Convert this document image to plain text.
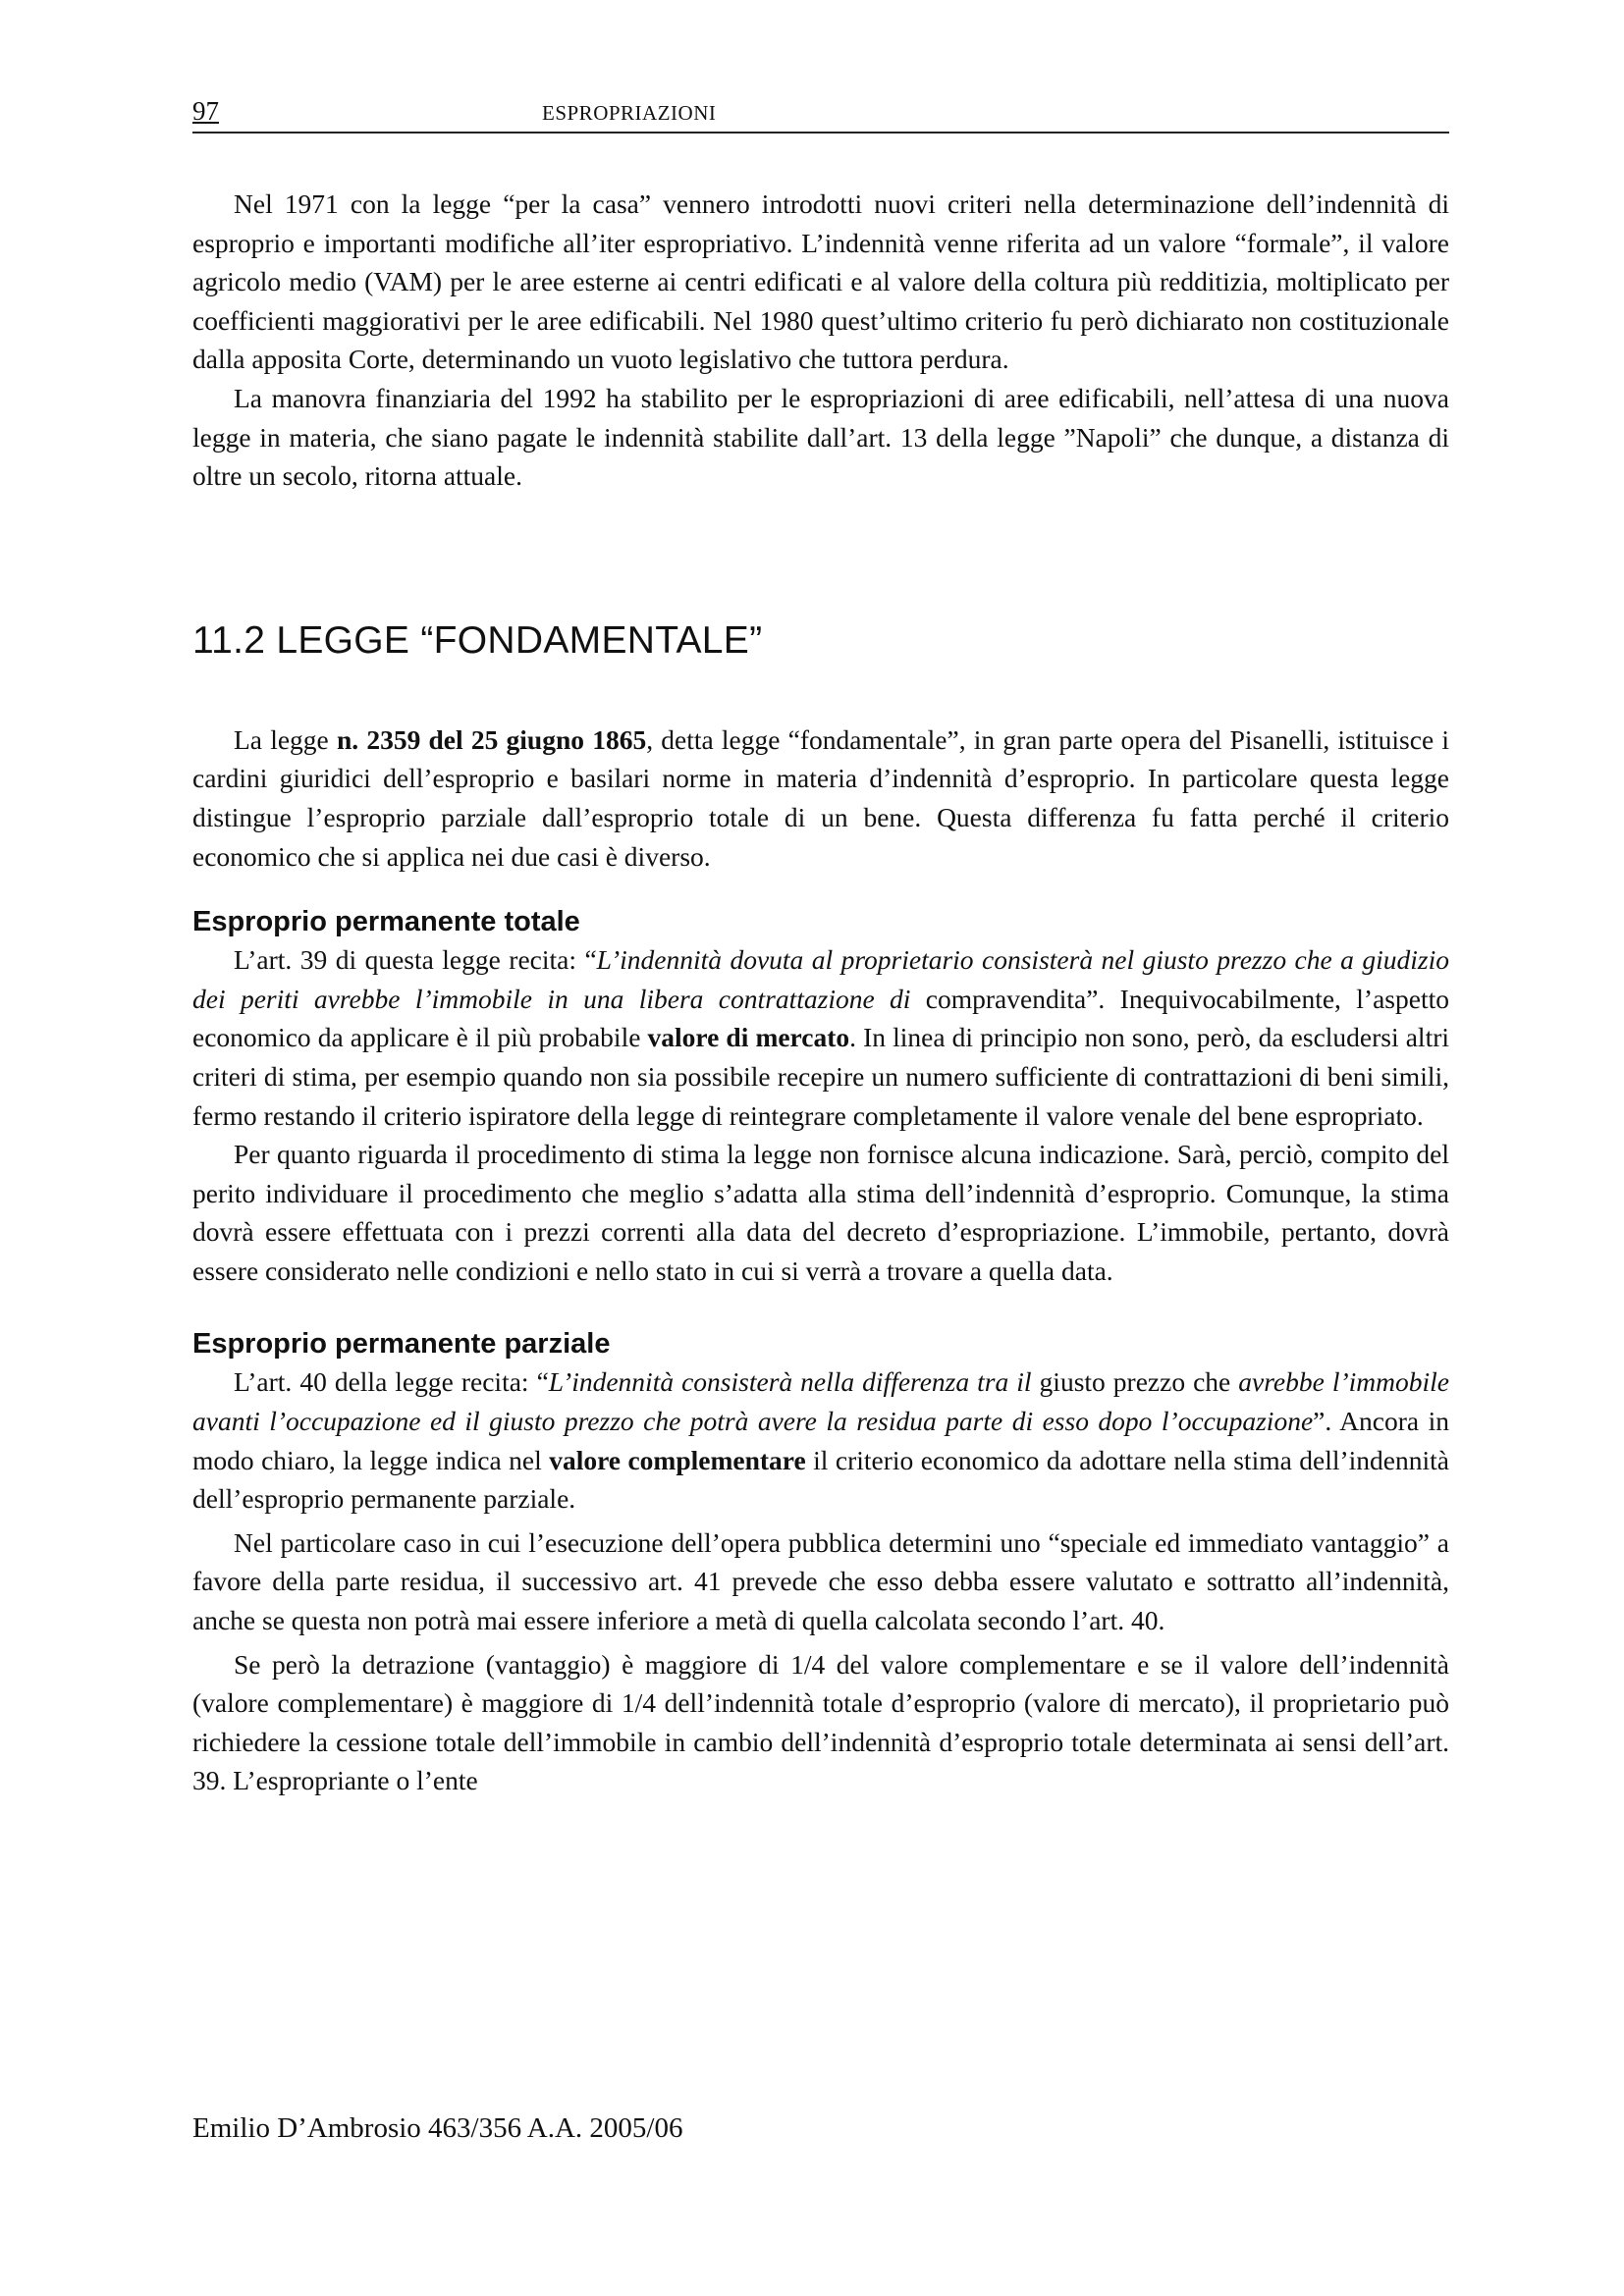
97	ESPROPRIAZIONI

Nel 1971 con la legge “per la casa” vennero introdotti nuovi criteri nella determinazione dell’indennità di esproprio e importanti modifiche all’iter espropriativo. L’indennità venne riferita ad un valore “formale”, il valore agricolo medio (VAM) per le aree esterne ai centri edificati e al valore della coltura più redditizia, moltiplicato per coefficienti maggiorativi per le aree edificabili. Nel 1980 quest’ultimo criterio fu però dichiarato non costituzionale dalla apposita Corte, determinando un vuoto legislativo che tuttora perdura.

La manovra finanziaria del 1992 ha stabilito per le espropriazioni di aree edificabili, nell’attesa di una nuova legge in materia, che siano pagate le indennità stabilite dall’art. 13 della legge ”Napoli” che dunque, a distanza di oltre un secolo, ritorna attuale.

11.2 LEGGE “FONDAMENTALE”

La legge n. 2359 del 25 giugno 1865, detta legge “fondamentale”, in gran parte opera del Pisanelli, istituisce i cardini giuridici dell’esproprio e basilari norme in materia d’indennità d’esproprio. In particolare questa legge distingue l’esproprio parziale dall’esproprio totale di un bene. Questa differenza fu fatta perché il criterio economico che si applica nei due casi è diverso.

Esproprio permanente totale

L’art. 39 di questa legge recita: “L’indennità dovuta al proprietario consisterà nel giusto prezzo che a giudizio dei periti avrebbe l’immobile in una libera contrattazione di compravendita”. Inequivocabilmente, l’aspetto economico da applicare è il più probabile valore di mercato. In linea di principio non sono, però, da escludersi altri criteri di stima, per esempio quando non sia possibile recepire un numero sufficiente di contrattazioni di beni simili, fermo restando il criterio ispiratore della legge di reintegrare completamente il valore venale del bene espropriato.

Per quanto riguarda il procedimento di stima la legge non fornisce alcuna indicazione. Sarà, perciò, compito del perito individuare il procedimento che meglio s’adatta alla stima dell’indennità d’esproprio. Comunque, la stima dovrà essere effettuata con i prezzi correnti alla data del decreto d’espropriazione. L’immobile, pertanto, dovrà essere considerato nelle condizioni e nello stato in cui si verrà a trovare a quella data.

Esproprio permanente parziale

L’art. 40 della legge recita: “L’indennità consisterà nella differenza tra il giusto prezzo che avrebbe l’immobile avanti l’occupazione ed il giusto prezzo che potrà avere la residua parte di esso dopo l’occupazione”. Ancora in modo chiaro, la legge indica nel valore complementare il criterio economico da adottare nella stima dell’indennità dell’esproprio permanente parziale.

Nel particolare caso in cui l’esecuzione dell’opera pubblica determini uno “speciale ed immediato vantaggio” a favore della parte residua, il successivo art. 41 prevede che esso debba essere valutato e sottratto all’indennità, anche se questa non potrà mai essere inferiore a metà di quella calcolata secondo l’art. 40.

Se però la detrazione (vantaggio) è maggiore di 1/4 del valore complementare e se il valore dell’indennità (valore complementare) è maggiore di 1/4 dell’indennità totale d’esproprio (valore di mercato), il proprietario può richiedere la cessione totale dell’immobile in cambio dell’indennità d’esproprio totale determinata ai sensi dell’art. 39. L’espropriante o l’ente

Emilio D’Ambrosio 463/356 A.A. 2005/06
